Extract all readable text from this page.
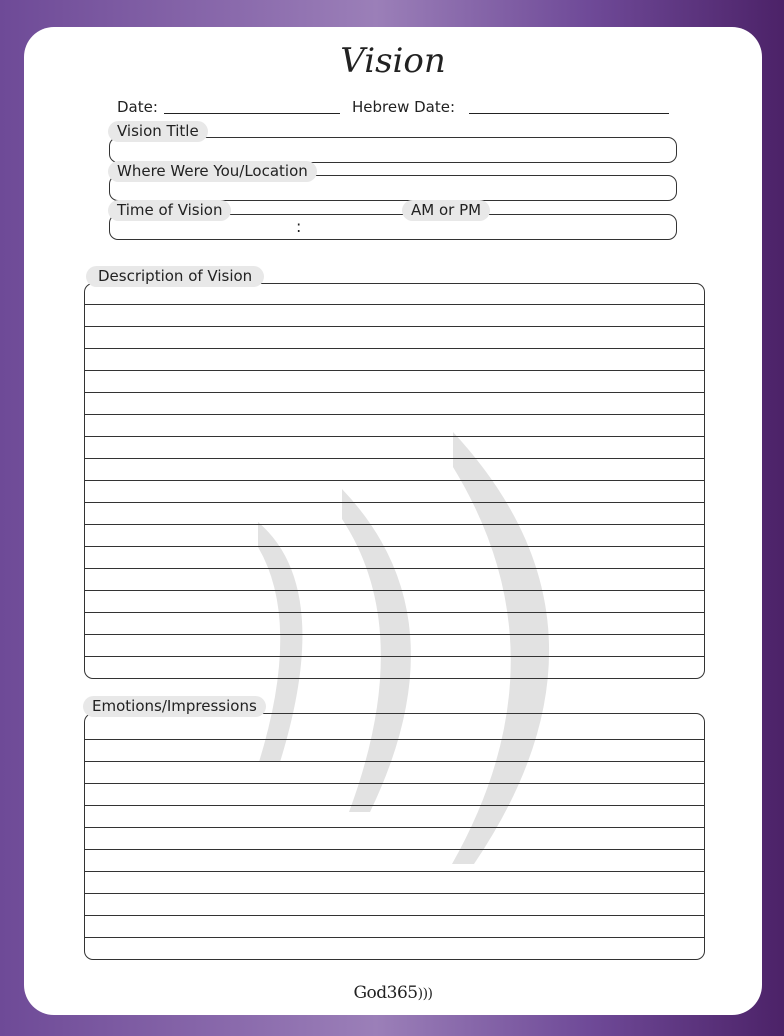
Vision
Date:	Hebrew Date:
Vision Title
Where Were You/Location
Time of Vision	AM or PM
:
Description of Vision
Emotions/Impressions
God365)))
